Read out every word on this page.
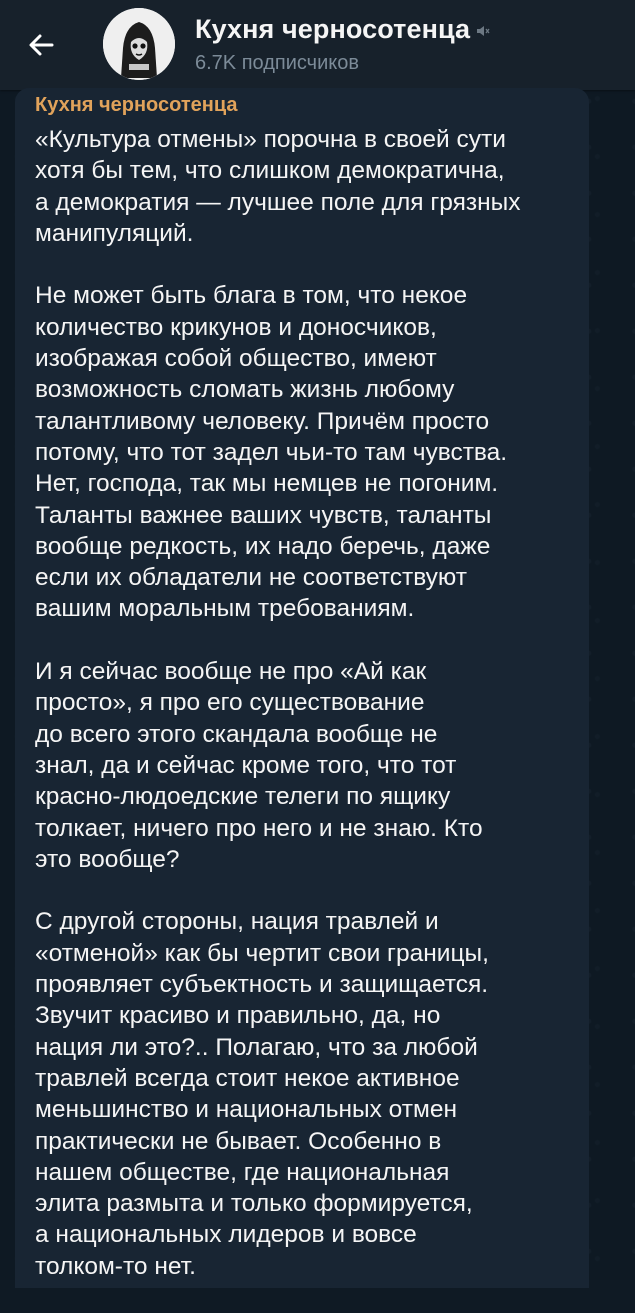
Кухня черносотенца
6.7K подписчиков
Кухня черносотенца

«Культура отмены» порочна в своей сути
хотя бы тем, что слишком демократична,
а демократия — лучшее поле для грязных
манипуляций.

Не может быть блага в том, что некое
количество крикунов и доносчиков,
изображая собой общество, имеют
возможность сломать жизнь любому
талантливому человеку. Причём просто
потому, что тот задел чьи-то там чувства.
Нет, господа, так мы немцев не погоним.
Таланты важнее ваших чувств, таланты
вообще редкость, их надо беречь, даже
если их обладатели не соответствуют
вашим моральным требованиям.

И я сейчас вообще не про «Ай как
просто», я про его существование
до всего этого скандала вообще не
знал, да и сейчас кроме того, что тот
красно-людоедские телеги по ящику
толкает, ничего про него и не знаю. Кто
это вообще?

С другой стороны, нация травлей и
«отменой» как бы чертит свои границы,
проявляет субъектность и защищается.
Звучит красиво и правильно, да, но
нация ли это?.. Полагаю, что за любой
травлей всегда стоит некое активное
меньшинство и национальных отмен
практически не бывает. Особенно в
нашем обществе, где национальная
элита размыта и только формируется,
а национальных лидеров и вовсе
толком-то нет.
